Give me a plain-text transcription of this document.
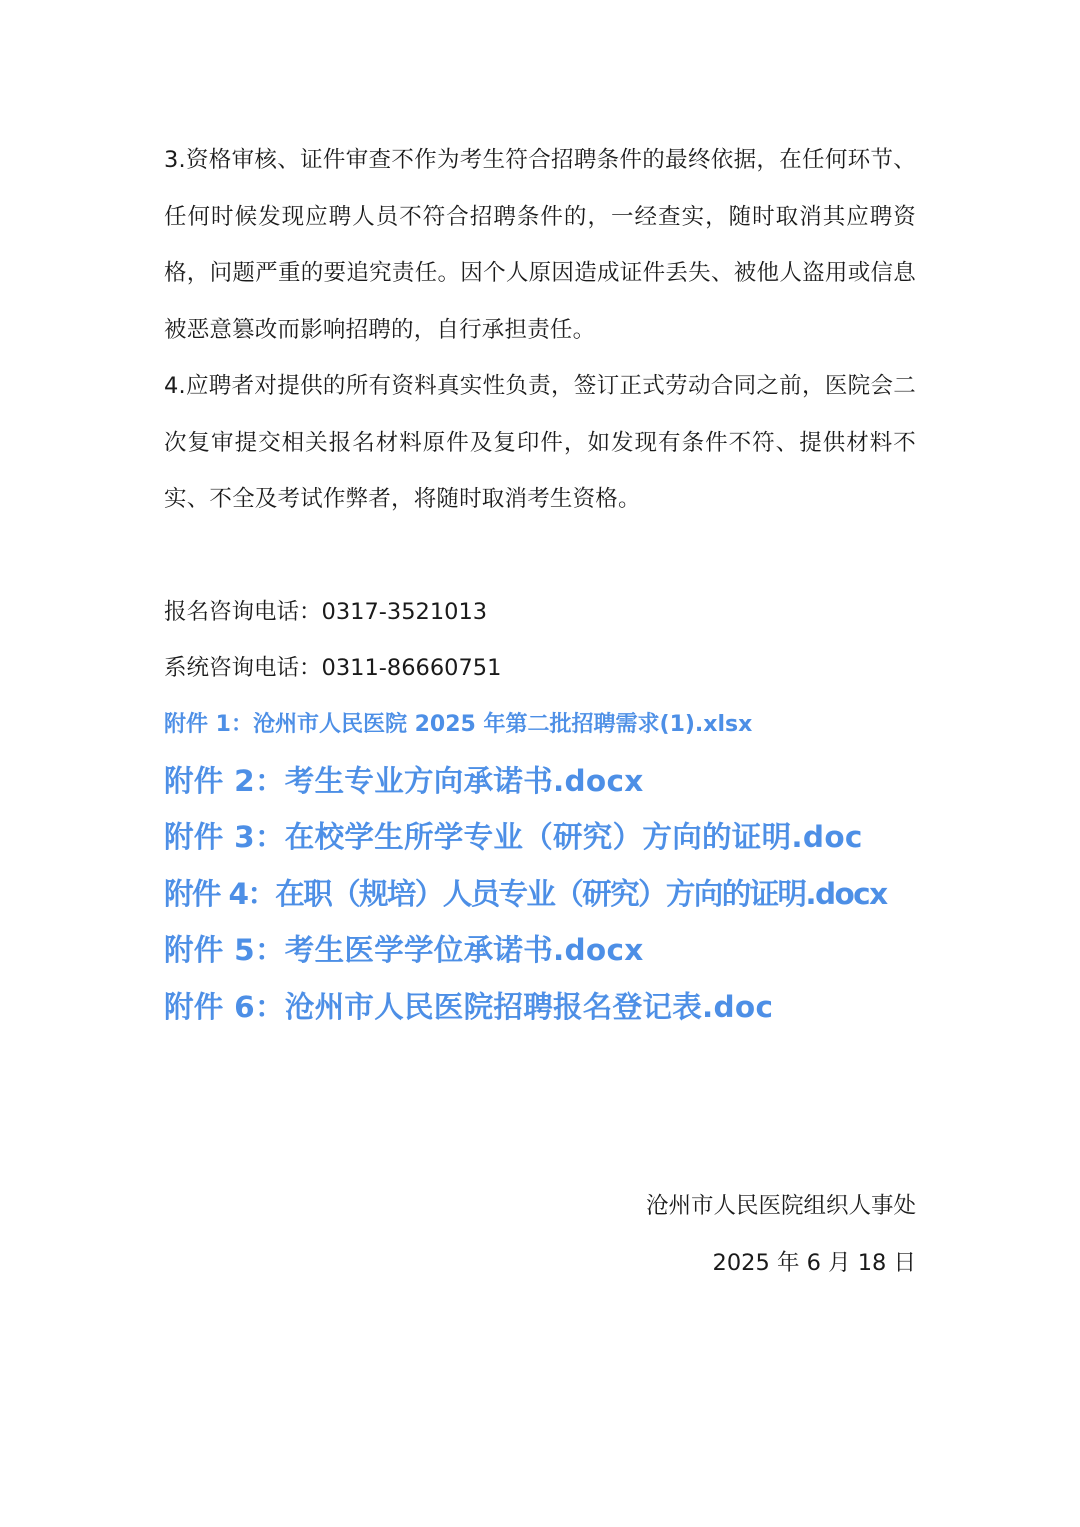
3.资格审核、证件审查不作为考生符合招聘条件的最终依据，在任何环节、任何时候发现应聘人员不符合招聘条件的，一经查实，随时取消其应聘资格，问题严重的要追究责任。因个人原因造成证件丢失、被他人盗用或信息被恶意篡改而影响招聘的，自行承担责任。

4.应聘者对提供的所有资料真实性负责，签订正式劳动合同之前，医院会二次复审提交相关报名材料原件及复印件，如发现有条件不符、提供材料不实、不全及考试作弊者，将随时取消考生资格。

报名咨询电话：0317-3521013

系统咨询电话：0311-86660751

附件 1：沧州市人民医院 2025 年第二批招聘需求(1).xlsx

附件 2：考生专业方向承诺书.docx

附件 3：在校学生所学专业（研究）方向的证明.doc

附件 4：在职（规培）人员专业（研究）方向的证明.docx

附件 5：考生医学学位承诺书.docx

附件 6：沧州市人民医院招聘报名登记表.doc

沧州市人民医院组织人事处

2025 年 6 月 18 日
